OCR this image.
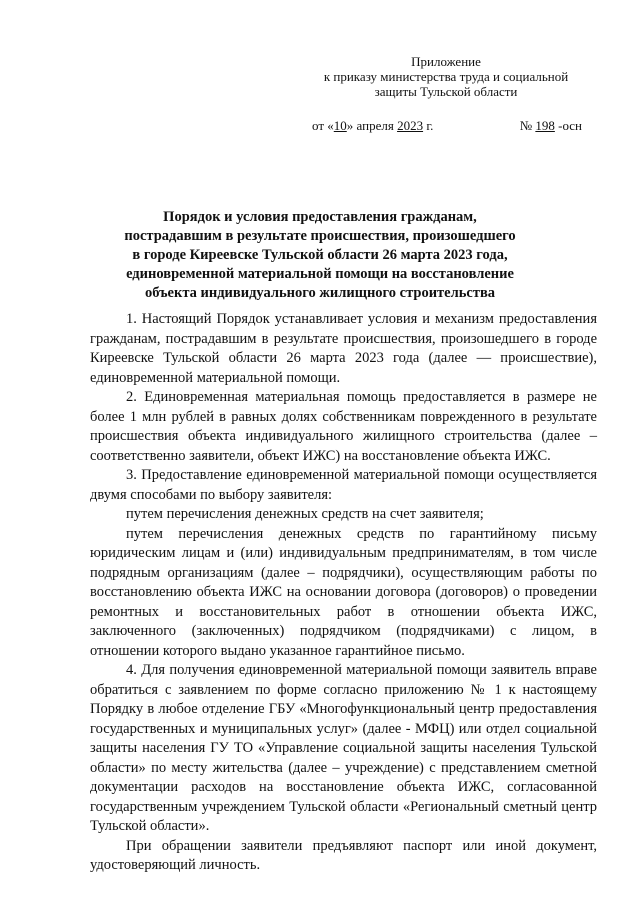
Приложение
к приказу министерства труда и социальной
защиты Тульской области
от «10» апреля 2023 г.	№ 198 -осн
Порядок и условия предоставления гражданам,
пострадавшим в результате происшествия, произошедшего
в городе Киреевске Тульской области 26 марта 2023 года,
единовременной материальной помощи на восстановление
объекта индивидуального жилищного строительства

1. Настоящий Порядок устанавливает условия и механизм предоставления гражданам, пострадавшим в результате происшествия, произошедшего в городе Киреевске Тульской области 26 марта 2023 года (далее — происшествие), единовременной материальной помощи.

2. Единовременная материальная помощь предоставляется в размере не более 1 млн рублей в равных долях собственникам поврежденного в результате происшествия объекта индивидуального жилищного строительства (далее – соответственно заявители, объект ИЖС) на восстановление объекта ИЖС.

3. Предоставление единовременной материальной помощи осуществляется двумя способами по выбору заявителя:

путем перечисления денежных средств на счет заявителя;

путем перечисления денежных средств по гарантийному письму юридическим лицам и (или) индивидуальным предпринимателям, в том числе подрядным организациям (далее – подрядчики), осуществляющим работы по восстановлению объекта ИЖС на основании договора (договоров) о проведении ремонтных и восстановительных работ в отношении объекта ИЖС, заключенного (заключенных) подрядчиком (подрядчиками) с лицом, в отношении которого выдано указанное гарантийное письмо.

4. Для получения единовременной материальной помощи заявитель вправе обратиться с заявлением по форме согласно приложению № 1 к настоящему Порядку в любое отделение ГБУ «Многофункциональный центр предоставления государственных и муниципальных услуг» (далее - МФЦ) или отдел социальной защиты населения ГУ ТО «Управление социальной защиты населения Тульской области» по месту жительства (далее – учреждение) с представлением сметной документации расходов на восстановление объекта ИЖС, согласованной государственным учреждением Тульской области «Региональный сметный центр Тульской области».

При обращении заявители предъявляют паспорт или иной документ, удостоверяющий личность.
